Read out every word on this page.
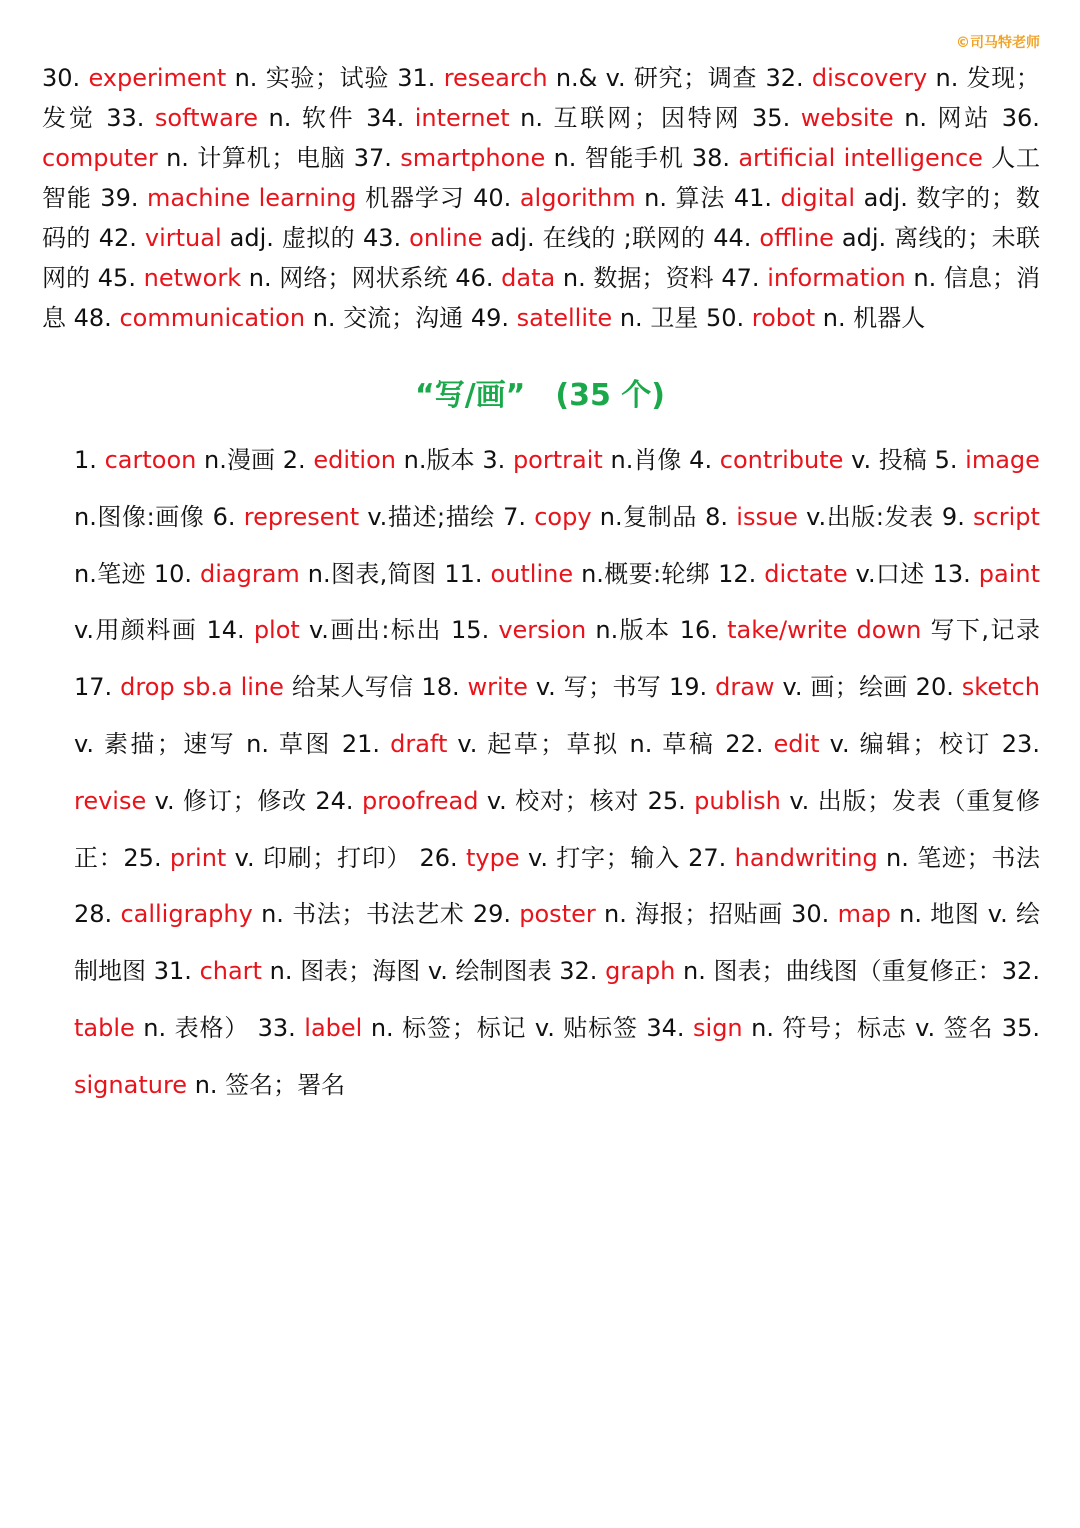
©司马特老师
30. experiment n. 实验；试验 31. research n.& v. 研究；调查 32. discovery n. 发现；发觉 33. software n. 软件 34. internet n. 互联网；因特网 35. website n. 网站 36. computer n. 计算机；电脑 37. smartphone n. 智能手机 38. artificial intelligence 人工智能 39. machine learning 机器学习 40. algorithm n. 算法 41. digital adj. 数字的；数码的 42. virtual adj. 虚拟的 43. online adj. 在线的 ;联网的 44. offline adj. 离线的；未联网的 45. network n. 网络；网状系统 46. data n. 数据；资料 47. information n. 信息；消息 48. communication n. 交流；沟通 49. satellite n. 卫星 50. robot n. 机器人
“写/画”　(35 个)
1. cartoon n.漫画 2. edition n.版本 3. portrait n.肖像 4. contribute v. 投稿 5. image n.图像:画像 6. represent v.描述;描绘 7. copy n.复制品 8. issue v.出版:发表 9. script n.笔迹 10. diagram n.图表,简图 11. outline n.概要:轮绑 12. dictate v.口述 13. paint v.用颜料画 14. plot v.画出:标出 15. version n.版本 16. take/write down 写下,记录 17. drop sb.a line 给某人写信 18. write v. 写；书写 19. draw v. 画；绘画 20. sketch v. 素描；速写 n. 草图 21. draft v. 起草；草拟 n. 草稿 22. edit v. 编辑；校订 23. revise v. 修订；修改 24. proofread v. 校对；核对 25. publish v. 出版；发表（重复修正：25. print v. 印刷；打印） 26. type v. 打字；输入 27. handwriting n. 笔迹；书法 28. calligraphy n. 书法；书法艺术 29. poster n. 海报；招贴画 30. map n. 地图 v. 绘制地图 31. chart n. 图表；海图 v. 绘制图表 32. graph n. 图表；曲线图（重复修正：32. table n. 表格） 33. label n. 标签；标记 v. 贴标签 34. sign n. 符号；标志 v. 签名 35. signature n. 签名；署名
